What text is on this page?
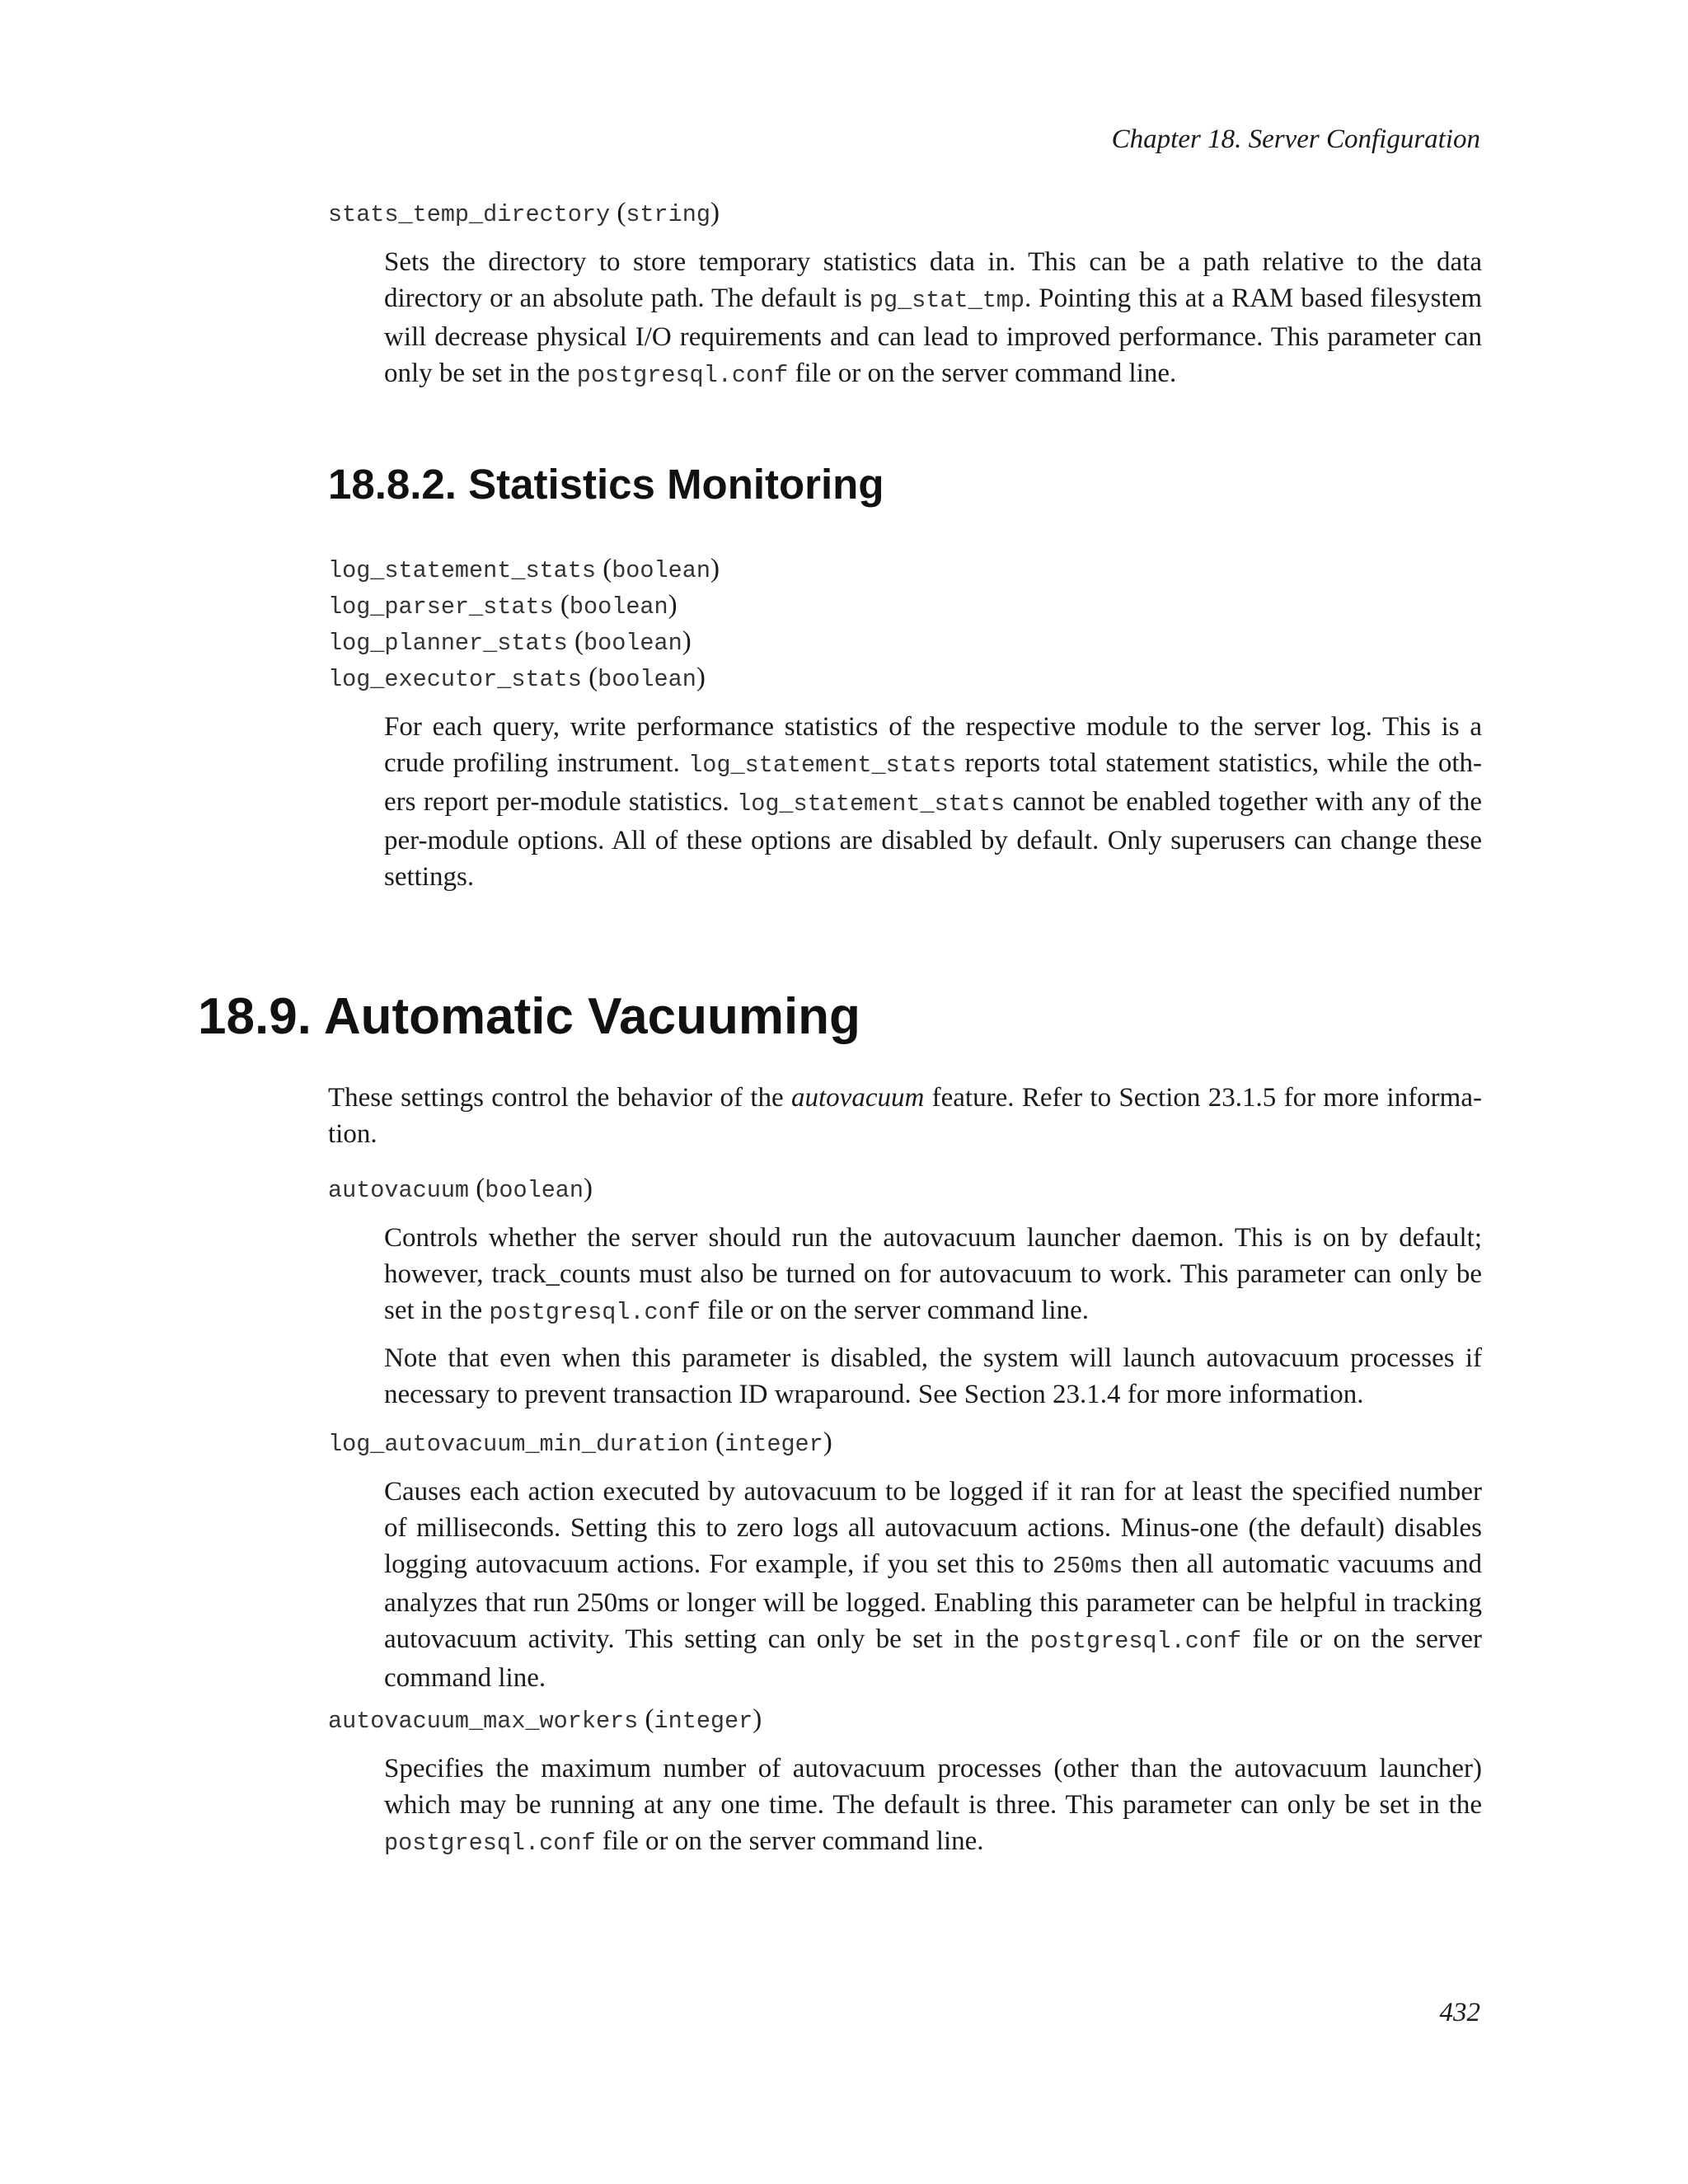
Chapter 18. Server Configuration
stats_temp_directory (string)
Sets the directory to store temporary statistics data in. This can be a path relative to the data directory or an absolute path. The default is pg_stat_tmp. Pointing this at a RAM based filesystem will decrease physical I/O requirements and can lead to improved performance. This parameter can only be set in the postgresql.conf file or on the server command line.
18.8.2. Statistics Monitoring
log_statement_stats (boolean)
log_parser_stats (boolean)
log_planner_stats (boolean)
log_executor_stats (boolean)
For each query, write performance statistics of the respective module to the server log. This is a crude profiling instrument. log_statement_stats reports total statement statistics, while the others report per-module statistics. log_statement_stats cannot be enabled together with any of the per-module options. All of these options are disabled by default. Only superusers can change these settings.
18.9. Automatic Vacuuming
These settings control the behavior of the autovacuum feature. Refer to Section 23.1.5 for more information.
autovacuum (boolean)
Controls whether the server should run the autovacuum launcher daemon. This is on by default; however, track_counts must also be turned on for autovacuum to work. This parameter can only be set in the postgresql.conf file or on the server command line.
Note that even when this parameter is disabled, the system will launch autovacuum processes if necessary to prevent transaction ID wraparound. See Section 23.1.4 for more information.
log_autovacuum_min_duration (integer)
Causes each action executed by autovacuum to be logged if it ran for at least the specified number of milliseconds. Setting this to zero logs all autovacuum actions. Minus-one (the default) disables logging autovacuum actions. For example, if you set this to 250ms then all automatic vacuums and analyzes that run 250ms or longer will be logged. Enabling this parameter can be helpful in tracking autovacuum activity. This setting can only be set in the postgresql.conf file or on the server command line.
autovacuum_max_workers (integer)
Specifies the maximum number of autovacuum processes (other than the autovacuum launcher) which may be running at any one time. The default is three. This parameter can only be set in the postgresql.conf file or on the server command line.
432
